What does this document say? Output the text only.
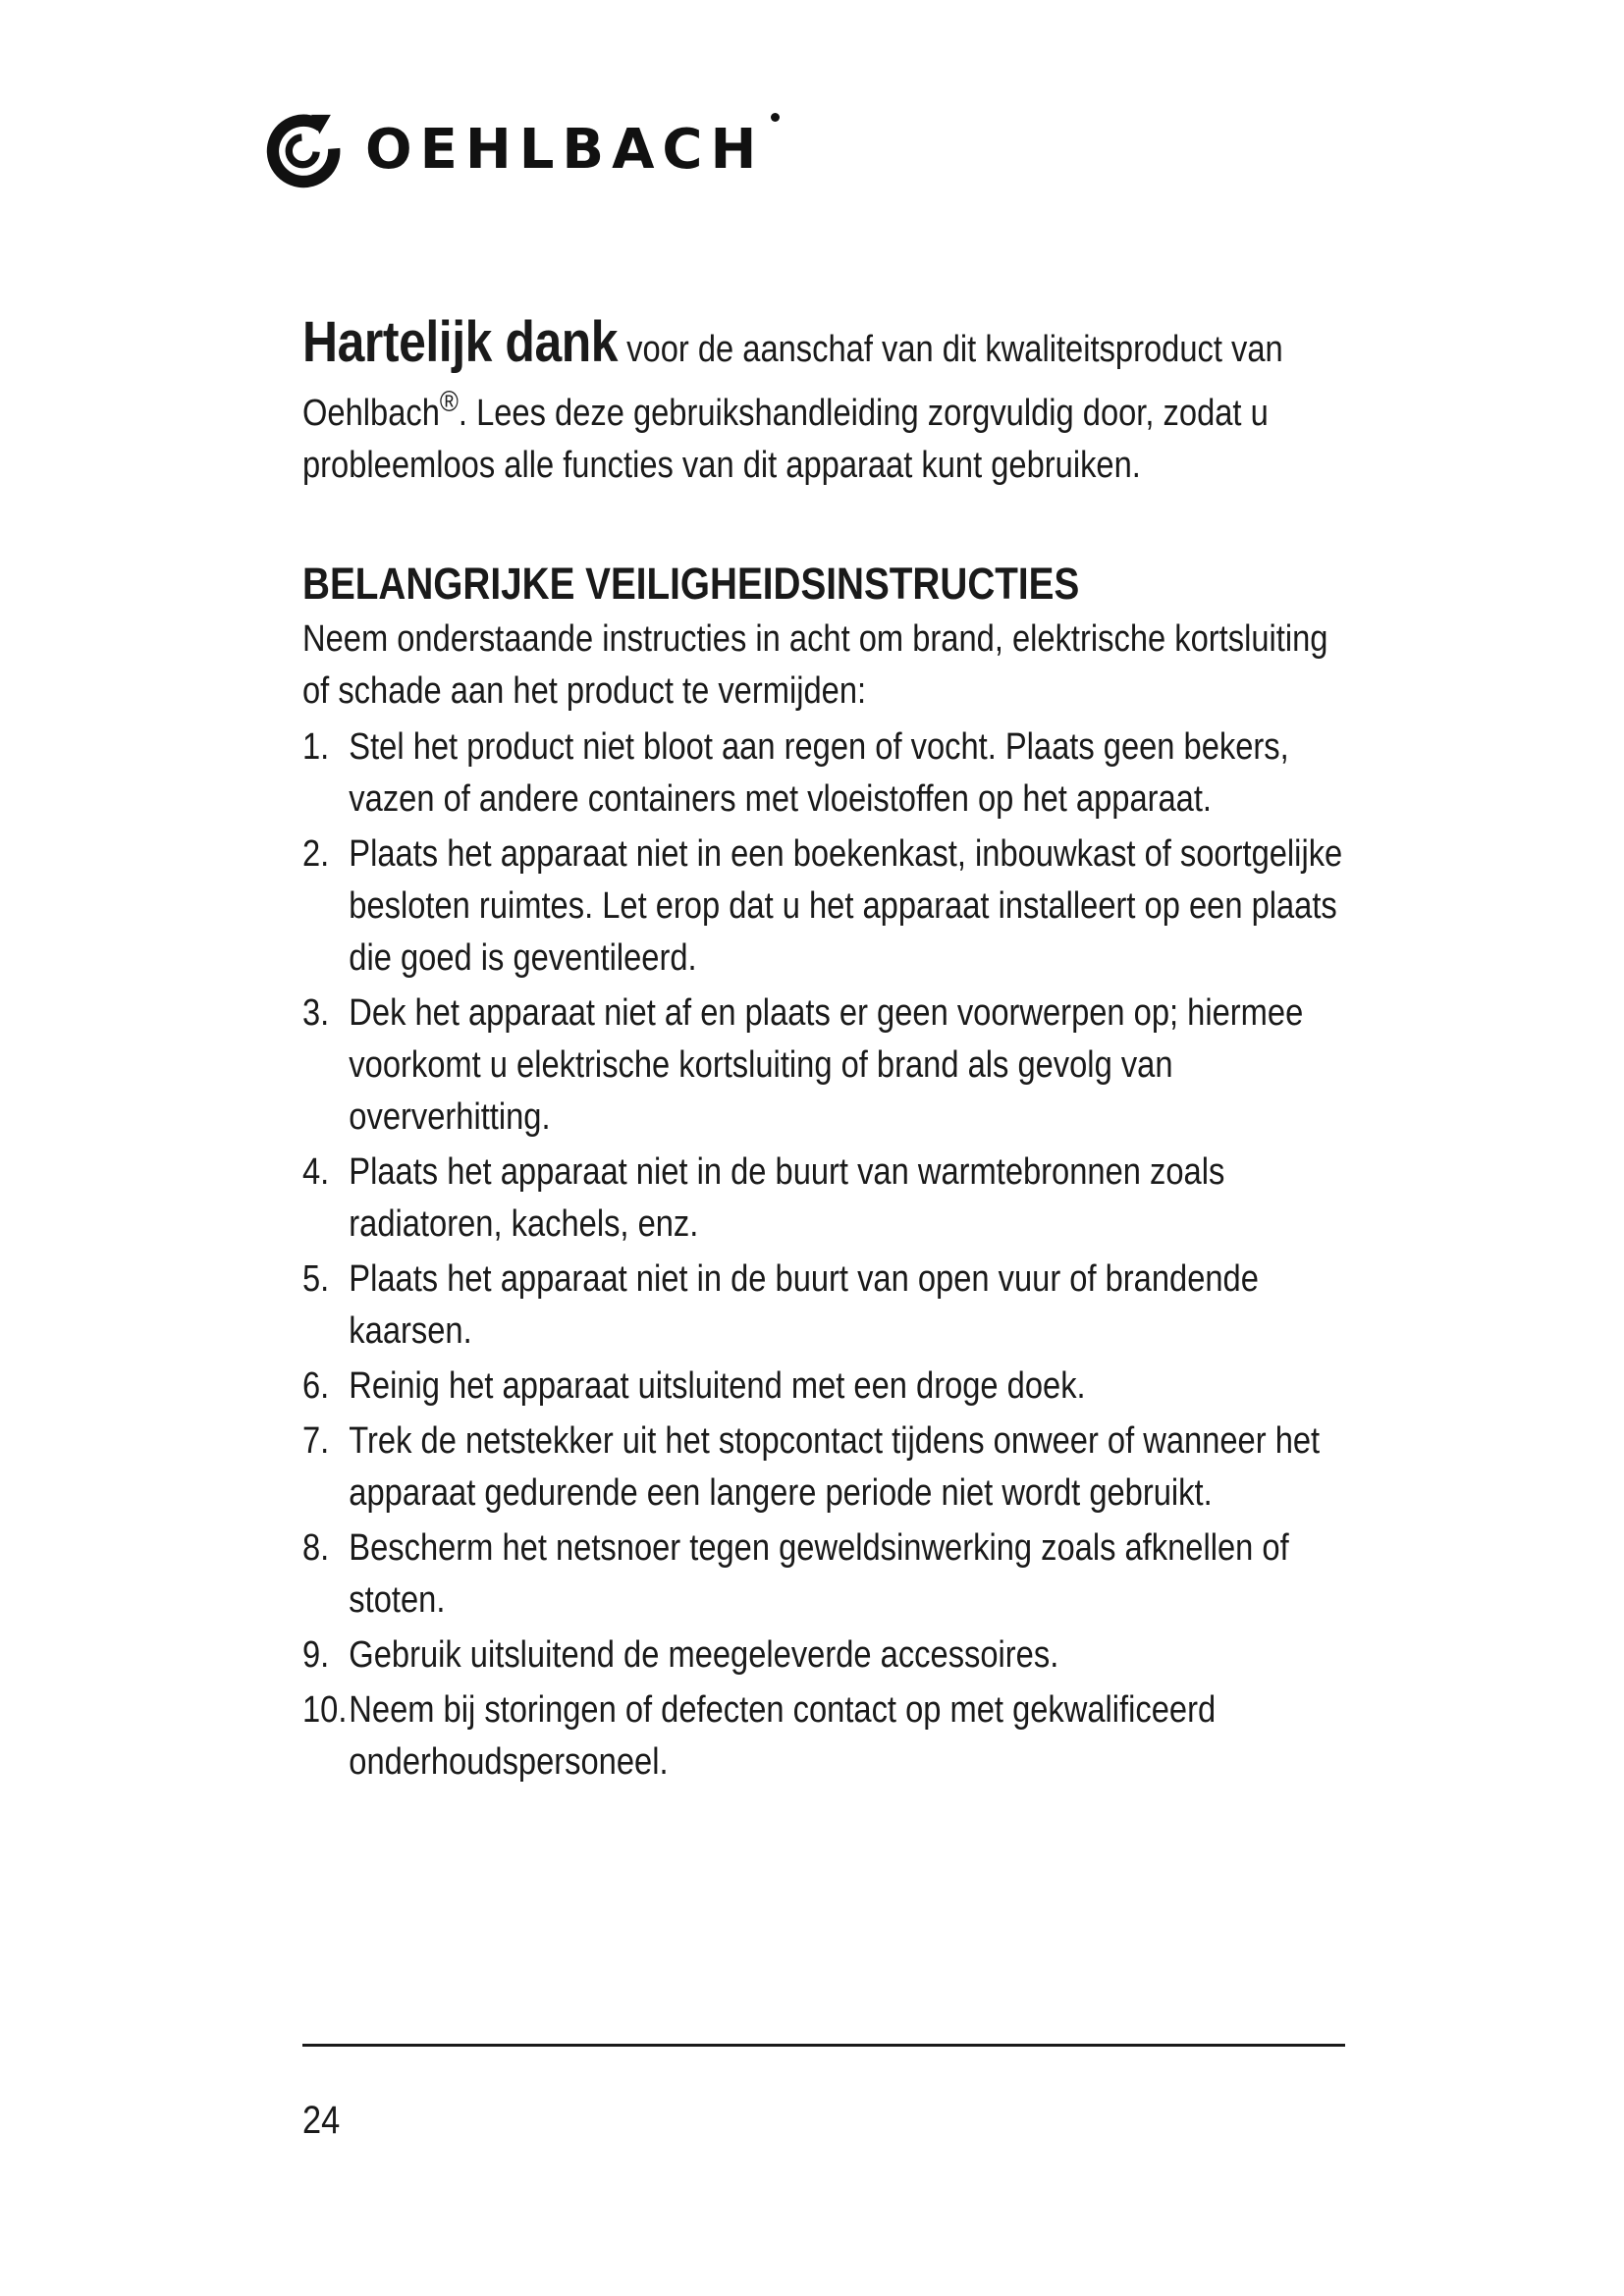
OEHLBACH

Hartelijk dank voor de aanschaf van dit kwaliteitsproduct van Oehlbach®. Lees deze gebruikshandleiding zorgvuldig door, zodat u probleemloos alle functies van dit apparaat kunt gebruiken.

BELANGRIJKE VEILIGHEIDSINSTRUCTIES
Neem onderstaande instructies in acht om brand, elektrische kortsluiting of schade aan het product te vermijden:
1. Stel het product niet bloot aan regen of vocht. Plaats geen bekers, vazen of andere containers met vloeistoffen op het apparaat.
2. Plaats het apparaat niet in een boekenkast, inbouwkast of soortgelijke besloten ruimtes. Let erop dat u het apparaat installeert op een plaats die goed is geventileerd.
3. Dek het apparaat niet af en plaats er geen voorwerpen op; hiermee voorkomt u elektrische kortsluiting of brand als gevolg van oververhitting.
4. Plaats het apparaat niet in de buurt van warmtebronnen zoals radiatoren, kachels, enz.
5. Plaats het apparaat niet in de buurt van open vuur of brandende kaarsen.
6. Reinig het apparaat uitsluitend met een droge doek.
7. Trek de netstekker uit het stopcontact tijdens onweer of wanneer het apparaat gedurende een langere periode niet wordt gebruikt.
8. Bescherm het netsnoer tegen geweldsinwerking zoals afknellen of stoten.
9. Gebruik uitsluitend de meegeleverde accessoires.
10. Neem bij storingen of defecten contact op met gekwalificeerd onderhoudspersoneel.
24
